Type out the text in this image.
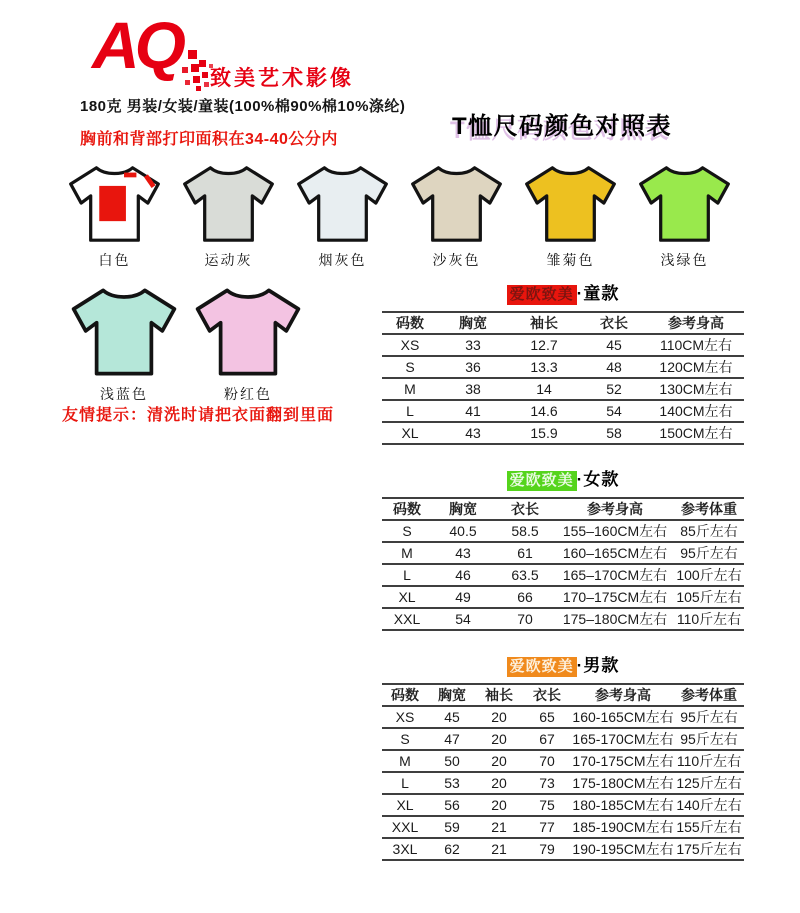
AQ 致美艺术影像
180克 男装/女装/童装(100%棉90%棉10%涤纶)
胸前和背部打印面积在34-40公分内	T恤尺码颜色对照表
白色	运动灰	烟灰色	沙灰色	雏菊色	浅绿色
浅蓝色	粉红色
友情提示：清洗时请把衣面翻到里面
爱欧致美 ·童款
码数	胸宽	袖长	衣长	参考身高
XS	33	12.7	45	110CM左右
S	36	13.3	48	120CM左右
M	38	14	52	130CM左右
L	41	14.6	54	140CM左右
XL	43	15.9	58	150CM左右
爱欧致美 ·女款
码数	胸宽	衣长	参考身高	参考体重
S	40.5	58.5	155–160CM左右	85斤左右
M	43	61	160–165CM左右	95斤左右
L	46	63.5	165–170CM左右	100斤左右
XL	49	66	170–175CM左右	105斤左右
XXL	54	70	175–180CM左右	110斤左右
爱欧致美 ·男款
码数	胸宽	袖长	衣长	参考身高	参考体重
XS	45	20	65	160-165CM左右	95斤左右
S	47	20	67	165-170CM左右	95斤左右
M	50	20	70	170-175CM左右	110斤左右
L	53	20	73	175-180CM左右	125斤左右
XL	56	20	75	180-185CM左右	140斤左右
XXL	59	21	77	185-190CM左右	155斤左右
3XL	62	21	79	190-195CM左右	175斤左右
